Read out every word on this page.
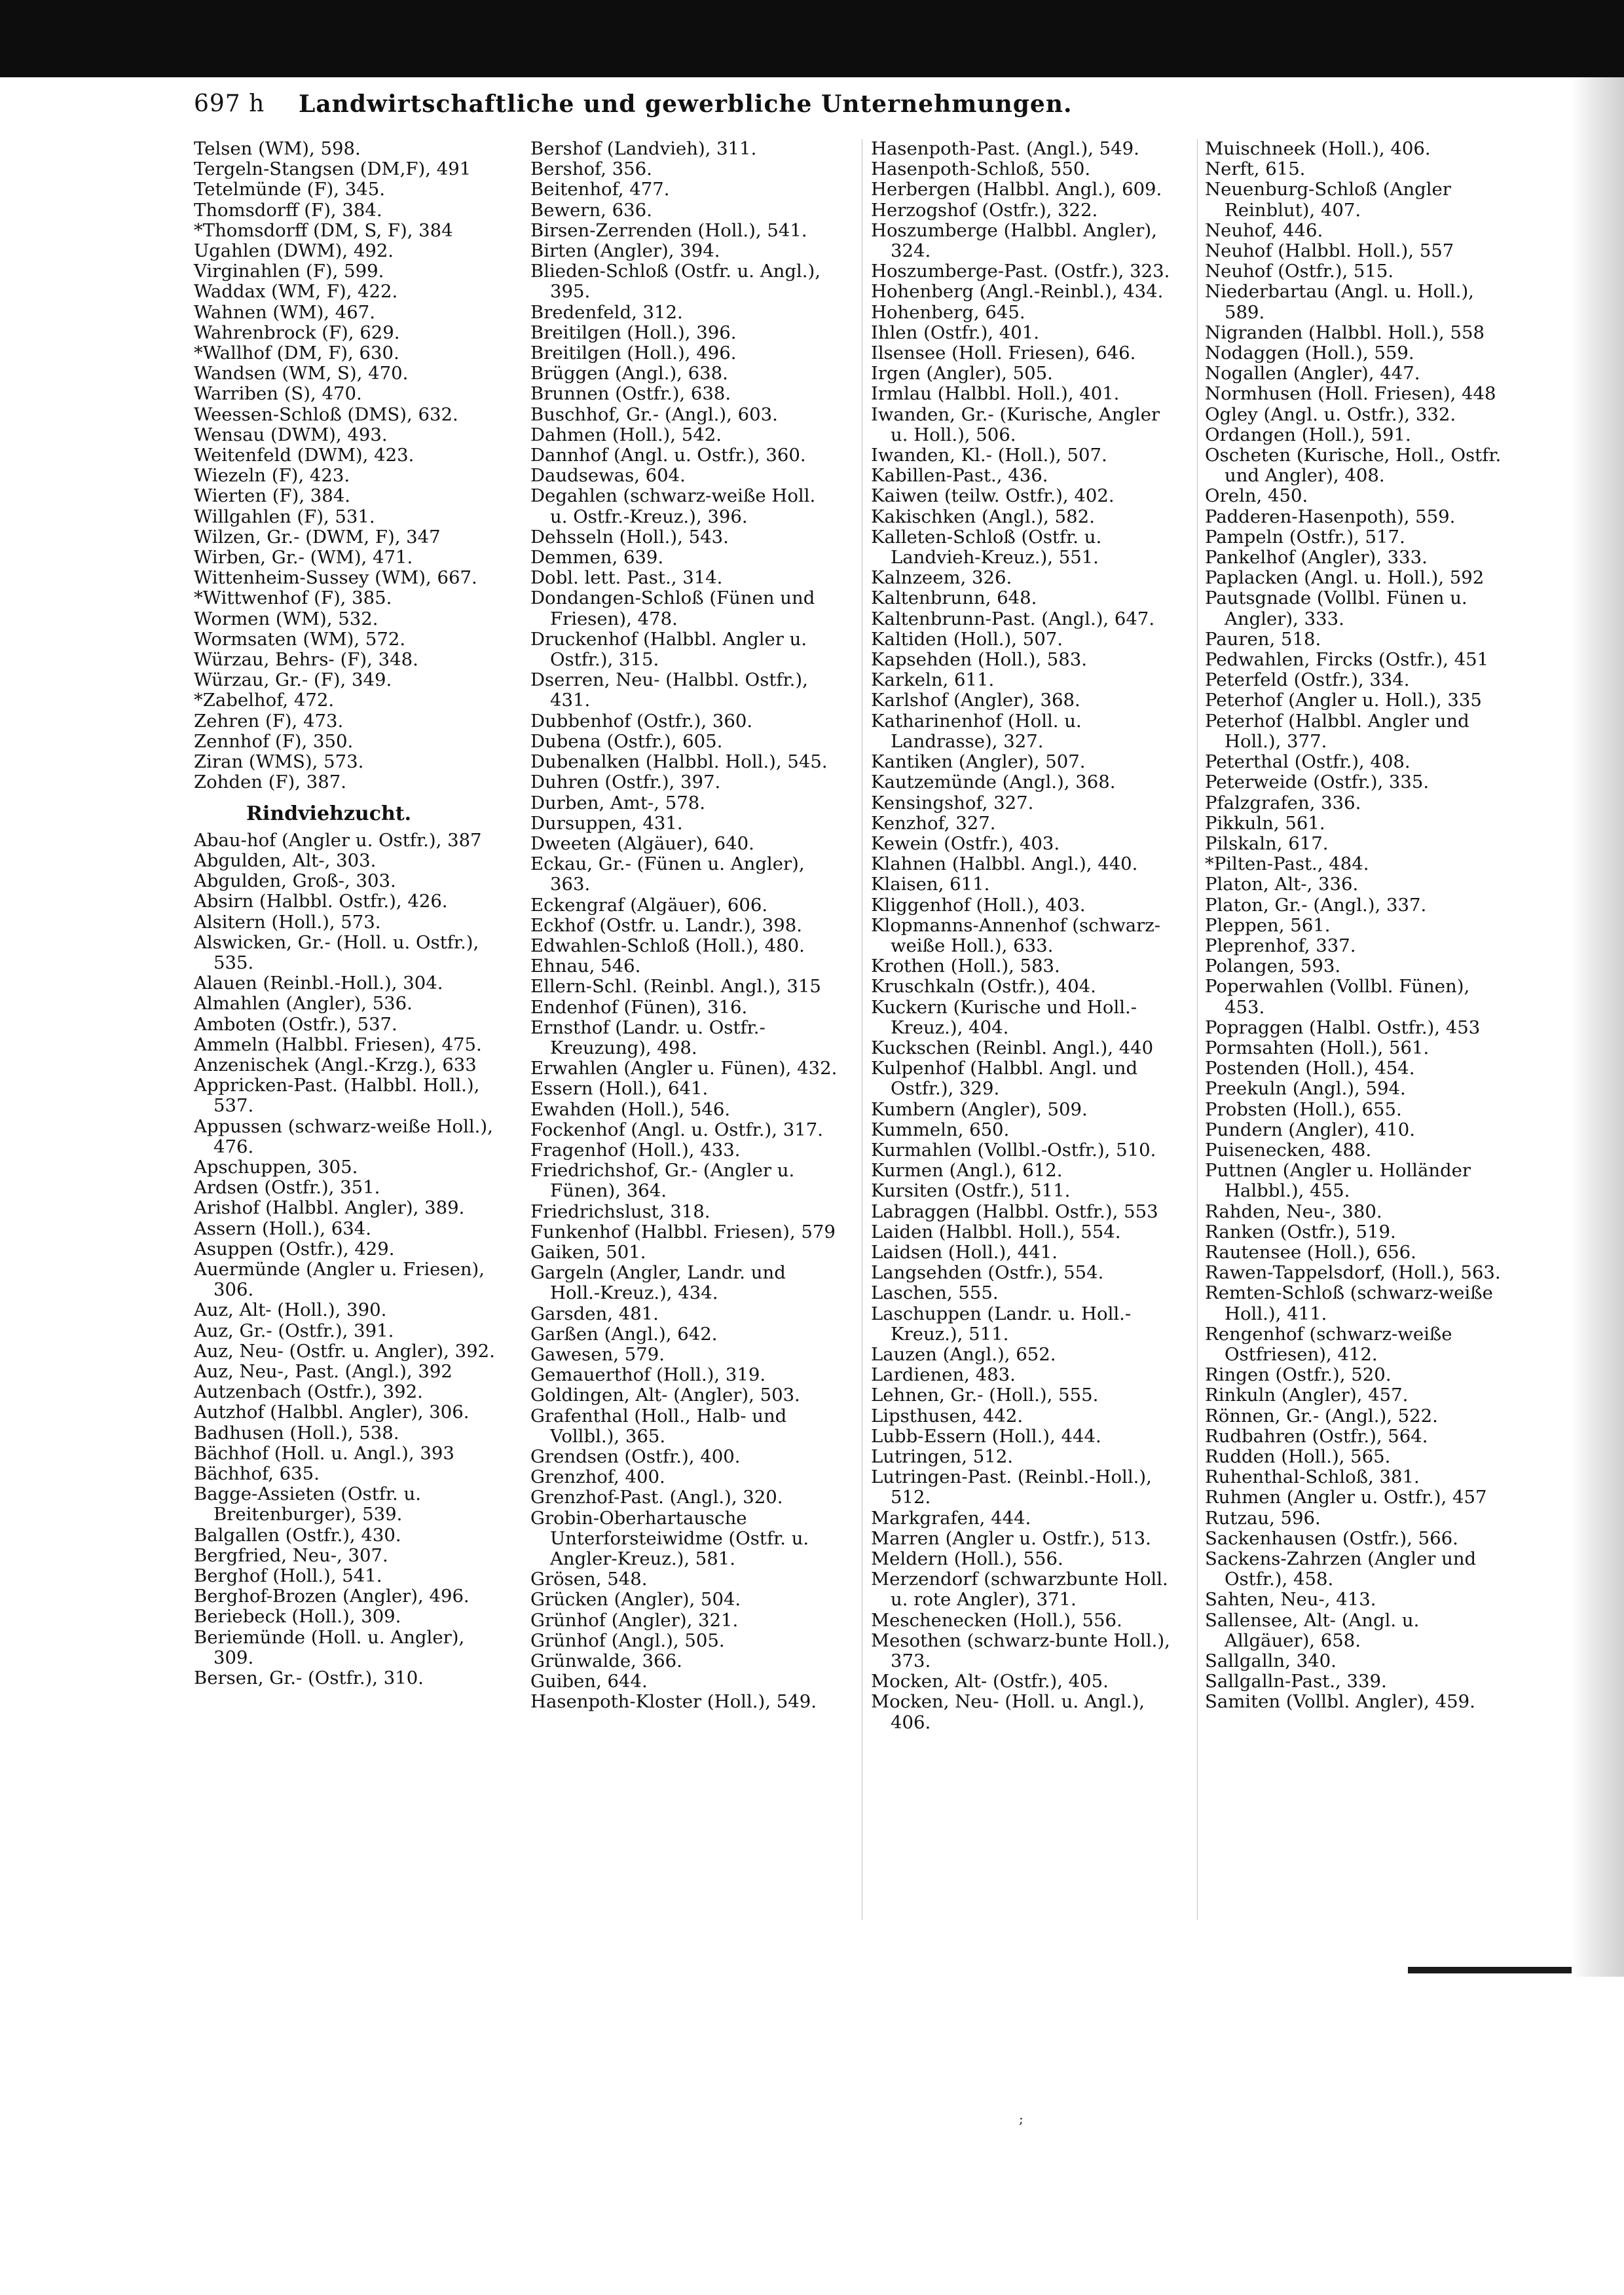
697 h Landwirtschaftliche und gewerbliche Unternehmungen.
Telsen (WM), 598.
Tergeln-Stangsen (DM,F), 491
Tetelmünde (F), 345.
Thomsdorff (F), 384.
*Thomsdorff (DM, S, F), 384
Ugahlen (DWM), 492.
Virginahlen (F), 599.
Waddax (WM, F), 422.
Wahnen (WM), 467.
Wahrenbrock (F), 629.
*Wallhof (DM, F), 630.
Wandsen (WM, S), 470.
Warriben (S), 470.
Weessen-Schloß (DMS), 632.
Wensau (DWM), 493.
Weitenfeld (DWM), 423.
Wiezeln (F), 423.
Wierten (F), 384.
Willgahlen (F), 531.
Wilzen, Gr.- (DWM, F), 347
Wirben, Gr.- (WM), 471.
Wittenheim-Sussey (WM), 667.
*Wittwenhof (F), 385.
Wormen (WM), 532.
Wormsaten (WM), 572.
Würzau, Behrs- (F), 348.
Würzau, Gr.- (F), 349.
*Zabelhof, 472.
Zehren (F), 473.
Zennhof (F), 350.
Ziran (WMS), 573.
Zohden (F), 387.
Rindviehzucht.
Abau-hof (Angler u. Ostfr.), 387
Abgulden, Alt-, 303.
Abgulden, Groß-, 303.
Absirn (Halbbl. Ostfr.), 426.
Alsitern (Holl.), 573.
Alswicken, Gr.- (Holl. u. Ostfr.), 535.
Alauen (Reinbl.-Holl.), 304.
Almahlen (Angler), 536.
Amboten (Ostfr.), 537.
Ammeln (Halbbl. Friesen), 475.
Anzenischek (Angl.-Krzg.), 633
Appricken-Past. (Halbbl. Holl.), 537.
Appussen (schwarz-weiße Holl.), 476.
Apschuppen, 305.
Ardsen (Ostfr.), 351.
Arishof (Halbbl. Angler), 389.
Assern (Holl.), 634.
Asuppen (Ostfr.), 429.
Auermünde (Angler u. Friesen), 306.
Auz, Alt- (Holl.), 390.
Auz, Gr.- (Ostfr.), 391.
Auz, Neu- (Ostfr. u. Angler), 392.
Auz, Neu-, Past. (Angl.), 392
Autzenbach (Ostfr.), 392.
Autzhof (Halbbl. Angler), 306.
Badhusen (Holl.), 538.
Bächhof (Holl. u. Angl.), 393
Bächhof, 635.
Bagge-Assieten (Ostfr. u. Breitenburger), 539.
Balgallen (Ostfr.), 430.
Bergfried, Neu-, 307.
Berghof (Holl.), 541.
Berghof-Brozen (Angler), 496.
Beriebeck (Holl.), 309.
Beriemünde (Holl. u. Angler), 309.
Bersen, Gr.- (Ostfr.), 310.
Bershof (Landvieh), 311.
Bershof, 356.
Beitenhof, 477.
Bewern, 636.
Birsen-Zerrenden (Holl.), 541.
Birten (Angler), 394.
Blieden-Schloß (Ostfr. u. Angl.), 395.
Bredenfeld, 312.
Breitilgen (Holl.), 396.
Breitilgen (Holl.), 496.
Brüggen (Angl.), 638.
Brunnen (Ostfr.), 638.
Buschhof, Gr.- (Angl.), 603.
Dahmen (Holl.), 542.
Dannhof (Angl. u. Ostfr.), 360.
Daudsewas, 604.
Degahlen (schwarz-weiße Holl. u. Ostfr.-Kreuz.), 396.
Dehsseln (Holl.), 543.
Demmen, 639.
Dobl. lett. Past., 314.
Dondangen-Schloß (Fünen und Friesen), 478.
Druckenhof (Halbbl. Angler u. Ostfr.), 315.
Dserren, Neu- (Halbbl. Ostfr.), 431.
Dubbenhof (Ostfr.), 360.
Dubena (Ostfr.), 605.
Dubenalken (Halbbl. Holl.), 545.
Duhren (Ostfr.), 397.
Durben, Amt-, 578.
Dursuppen, 431.
Dweeten (Algäuer), 640.
Eckau, Gr.- (Fünen u. Angler), 363.
Eckengraf (Algäuer), 606.
Eckhof (Ostfr. u. Landr.), 398.
Edwahlen-Schloß (Holl.), 480.
Ehnau, 546.
Ellern-Schl. (Reinbl. Angl.), 315
Endenhof (Fünen), 316.
Ernsthof (Landr. u. Ostfr.-Kreuzung), 498.
Erwahlen (Angler u. Fünen), 432.
Essern (Holl.), 641.
Ewahden (Holl.), 546.
Fockenhof (Angl. u. Ostfr.), 317.
Fragenhof (Holl.), 433.
Friedrichshof, Gr.- (Angler u. Fünen), 364.
Friedrichslust, 318.
Funkenhof (Halbbl. Friesen), 579
Gaiken, 501.
Gargeln (Angler, Landr. und Holl.-Kreuz.), 434.
Garsden, 481.
Garßen (Angl.), 642.
Gawesen, 579.
Gemauerthof (Holl.), 319.
Goldingen, Alt- (Angler), 503.
Grafenthal (Holl., Halb- und Vollbl.), 365.
Grendsen (Ostfr.), 400.
Grenzhof, 400.
Grenzhof-Past. (Angl.), 320.
Grobin-Oberhartausche Unterforsteiwidme (Ostfr. u. Angler-Kreuz.), 581.
Grösen, 548.
Grücken (Angler), 504.
Grünhof (Angler), 321.
Grünhof (Angl.), 505.
Grünwalde, 366.
Guiben, 644.
Hasenpoth-Kloster (Holl.), 549.
Hasenpoth-Past. (Angl.), 549.
Hasenpoth-Schloß, 550.
Herbergen (Halbbl. Angl.), 609.
Herzogshof (Ostfr.), 322.
Hoszumberge (Halbbl. Angler), 324.
Hoszumberge-Past. (Ostfr.), 323.
Hohenberg (Angl.-Reinbl.), 434.
Hohenberg, 645.
Ihlen (Ostfr.), 401.
Ilsensee (Holl. Friesen), 646.
Irgen (Angler), 505.
Irmlau (Halbbl. Holl.), 401.
Iwanden, Gr.- (Kurische, Angler u. Holl.), 506.
Iwanden, Kl.- (Holl.), 507.
Kabillen-Past., 436.
Kaiwen (teilw. Ostfr.), 402.
Kakischken (Angl.), 582.
Kalleten-Schloß (Ostfr. u. Landvieh-Kreuz.), 551.
Kalnzeem, 326.
Kaltenbrunn, 648.
Kaltenbrunn-Past. (Angl.), 647.
Kaltiden (Holl.), 507.
Kapsehden (Holl.), 583.
Karkeln, 611.
Karlshof (Angler), 368.
Katharinenhof (Holl. u. Landrasse), 327.
Kantiken (Angler), 507.
Kautzemünde (Angl.), 368.
Kensingshof, 327.
Kenzhof, 327.
Kewein (Ostfr.), 403.
Klahnen (Halbbl. Angl.), 440.
Klaisen, 611.
Kliggenhof (Holl.), 403.
Klopmanns-Annenhof (schwarz-weiße Holl.), 633.
Krothen (Holl.), 583.
Kruschkaln (Ostfr.), 404.
Kuckern (Kurische und Holl.-Kreuz.), 404.
Kuckschen (Reinbl. Angl.), 440
Kulpenhof (Halbbl. Angl. und Ostfr.), 329.
Kumbern (Angler), 509.
Kummeln, 650.
Kurmahlen (Vollbl.-Ostfr.), 510.
Kurmen (Angl.), 612.
Kursiten (Ostfr.), 511.
Labraggen (Halbbl. Ostfr.), 553
Laiden (Halbbl. Holl.), 554.
Laidsen (Holl.), 441.
Langsehden (Ostfr.), 554.
Laschen, 555.
Laschuppen (Landr. u. Holl.-Kreuz.), 511.
Lauzen (Angl.), 652.
Lardienen, 483.
Lehnen, Gr.- (Holl.), 555.
Lipsthusen, 442.
Lubb-Essern (Holl.), 444.
Lutringen, 512.
Lutringen-Past. (Reinbl.-Holl.), 512.
Markgrafen, 444.
Marren (Angler u. Ostfr.), 513.
Meldern (Holl.), 556.
Merzendorf (schwarzbunte Holl. u. rote Angler), 371.
Meschenecken (Holl.), 556.
Mesothen (schwarz-bunte Holl.), 373.
Mocken, Alt- (Ostfr.), 405.
Mocken, Neu- (Holl. u. Angl.), 406.
Muischneek (Holl.), 406.
Nerft, 615.
Neuenburg-Schloß (Angler Reinblut), 407.
Neuhof, 446.
Neuhof (Halbbl. Holl.), 557
Neuhof (Ostfr.), 515.
Niederbartau (Angl. u. Holl.), 589.
Nigranden (Halbbl. Holl.), 558
Nodaggen (Holl.), 559.
Nogallen (Angler), 447.
Normhusen (Holl. Friesen), 448
Ogley (Angl. u. Ostfr.), 332.
Ordangen (Holl.), 591.
Oscheten (Kurische, Holl., Ostfr. und Angler), 408.
Oreln, 450.
Padderen-Hasenpoth), 559.
Pampeln (Ostfr.), 517.
Pankelhof (Angler), 333.
Paplacken (Angl. u. Holl.), 592
Pautsgnade (Vollbl. Fünen u. Angler), 333.
Pauren, 518.
Pedwahlen, Fircks (Ostfr.), 451
Peterfeld (Ostfr.), 334.
Peterhof (Angler u. Holl.), 335
Peterhof (Halbbl. Angler und Holl.), 377.
Peterthal (Ostfr.), 408.
Peterweide (Ostfr.), 335.
Pfalzgrafen, 336.
Pikkuln, 561.
Pilskaln, 617.
*Pilten-Past., 484.
Platon, Alt-, 336.
Platon, Gr.- (Angl.), 337.
Pleppen, 561.
Pleprenhof, 337.
Polangen, 593.
Poperwahlen (Vollbl. Fünen), 453.
Popraggen (Halbl. Ostfr.), 453
Pormsahten (Holl.), 561.
Postenden (Holl.), 454.
Preekuln (Angl.), 594.
Probsten (Holl.), 655.
Pundern (Angler), 410.
Puisenecken, 488.
Puttnen (Angler u. Holländer Halbbl.), 455.
Rahden, Neu-, 380.
Ranken (Ostfr.), 519.
Rautensee (Holl.), 656.
Rawen-Tappelsdorf, (Holl.), 563.
Remten-Schloß (schwarz-weiße Holl.), 411.
Rengenhof (schwarz-weiße Ostfriesen), 412.
Ringen (Ostfr.), 520.
Rinkuln (Angler), 457.
Rönnen, Gr.- (Angl.), 522.
Rudbahren (Ostfr.), 564.
Rudden (Holl.), 565.
Ruhenthal-Schloß, 381.
Ruhmen (Angler u. Ostfr.), 457
Rutzau, 596.
Sackenhausen (Ostfr.), 566.
Sackens-Zahrzen (Angler und Ostfr.), 458.
Sahten, Neu-, 413.
Sallensee, Alt- (Angl. u. Allgäuer), 658.
Sallgalln, 340.
Sallgalln-Past., 339.
Samiten (Vollbl. Angler), 459.
;
